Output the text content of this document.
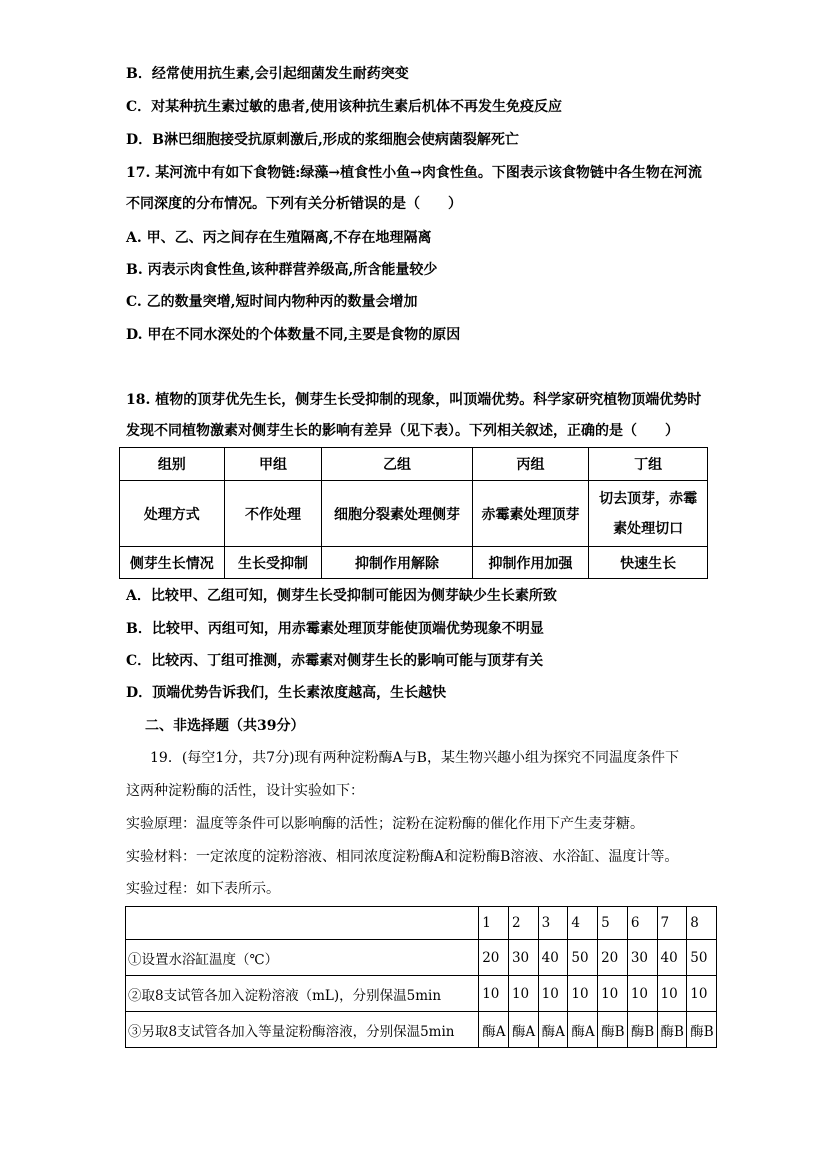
B．经常使用抗生素,会引起细菌发生耐药突变
C．对某种抗生素过敏的患者,使用该种抗生素后机体不再发生免疫反应
D．B淋巴细胞接受抗原刺激后,形成的浆细胞会使病菌裂解死亡
17. 某河流中有如下食物链:绿藻→植食性小鱼→肉食性鱼。下图表示该食物链中各生物在河流
不同深度的分布情况。下列有关分析错误的是（　　）
A. 甲、乙、丙之间存在生殖隔离,不存在地理隔离
B. 丙表示肉食性鱼,该种群营养级高,所含能量较少
C. 乙的数量突增,短时间内物种丙的数量会增加
D. 甲在不同水深处的个体数量不同,主要是食物的原因
18. 植物的顶芽优先生长，侧芽生长受抑制的现象，叫顶端优势。科学家研究植物顶端优势时
发现不同植物激素对侧芽生长的影响有差异（见下表）。下列相关叙述，正确的是（　　）
组别	甲组	乙组	丙组	丁组
处理方式	不作处理	细胞分裂素处理侧芽	赤霉素处理顶芽	切去顶芽，赤霉
素处理切口
侧芽生长情况	生长受抑制	抑制作用解除	抑制作用加强	快速生长
A．比较甲、乙组可知，侧芽生长受抑制可能因为侧芽缺少生长素所致
B．比较甲、丙组可知，用赤霉素处理顶芽能使顶端优势现象不明显
C．比较丙、丁组可推测，赤霉素对侧芽生长的影响可能与顶芽有关
D．顶端优势告诉我们，生长素浓度越高，生长越快
二、非选择题（共39分）
19．(每空1分，共7分)现有两种淀粉酶A与B，某生物兴趣小组为探究不同温度条件下
这两种淀粉酶的活性，设计实验如下：
实验原理：温度等条件可以影响酶的活性；淀粉在淀粉酶的催化作用下产生麦芽糖。
实验材料：一定浓度的淀粉溶液、相同浓度淀粉酶A和淀粉酶B溶液、水浴缸、温度计等。
实验过程：如下表所示。
	1	2	3	4	5	6	7	8
①设置水浴缸温度（℃）	20	30	40	50	20	30	40	50
②取8支试管各加入淀粉溶液（mL)，分别保温5min	10	10	10	10	10	10	10	10
③另取8支试管各加入等量淀粉酶溶液，分别保温5min	酶A	酶A	酶A	酶A	酶B	酶B	酶B	酶B
